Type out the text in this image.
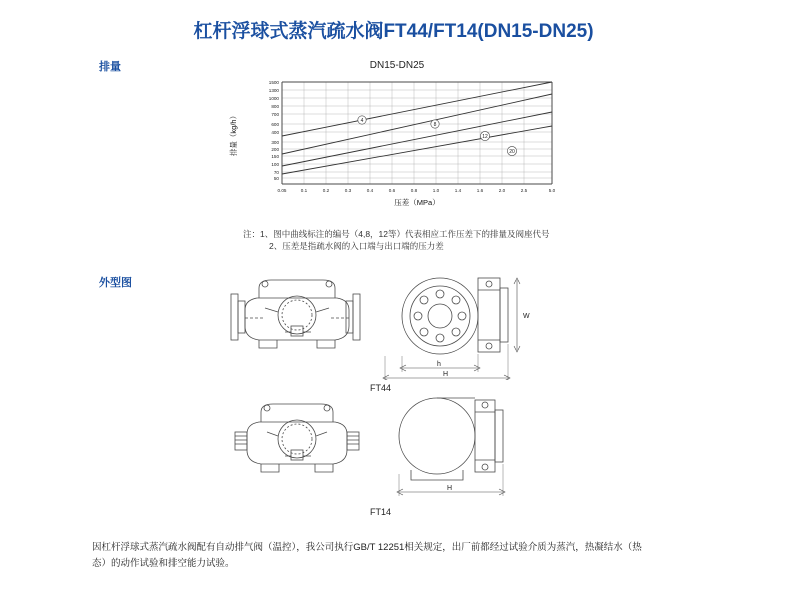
杠杆浮球式蒸汽疏水阀FT44/FT14(DN15-DN25)
排量
外型图
DN15-DN25
4
8
12
20
1500
1300
1000
800
700
600
400
300
200
150
100
70
50
0.05	0.1	0.2	0.3	0.4	0.6	0.8	1.0	1.4	1.6	2.0	2.5	5.0
压差（MPa）
排量（kg/h）
注：1、图中曲线标注的编号（4,8，12等）代表相应工作压差下的排量及阀座代号
2、压差是指疏水阀的入口端与出口端的压力差
W
h
H
FT44
H
FT14
因杠杆浮球式蒸汽疏水阀配有自动排气阀（温控），我公司执行GB/T 12251相关规定，出厂前都经过试验介质为蒸汽，热凝结水（热
态）的动作试验和排空能力试验。
